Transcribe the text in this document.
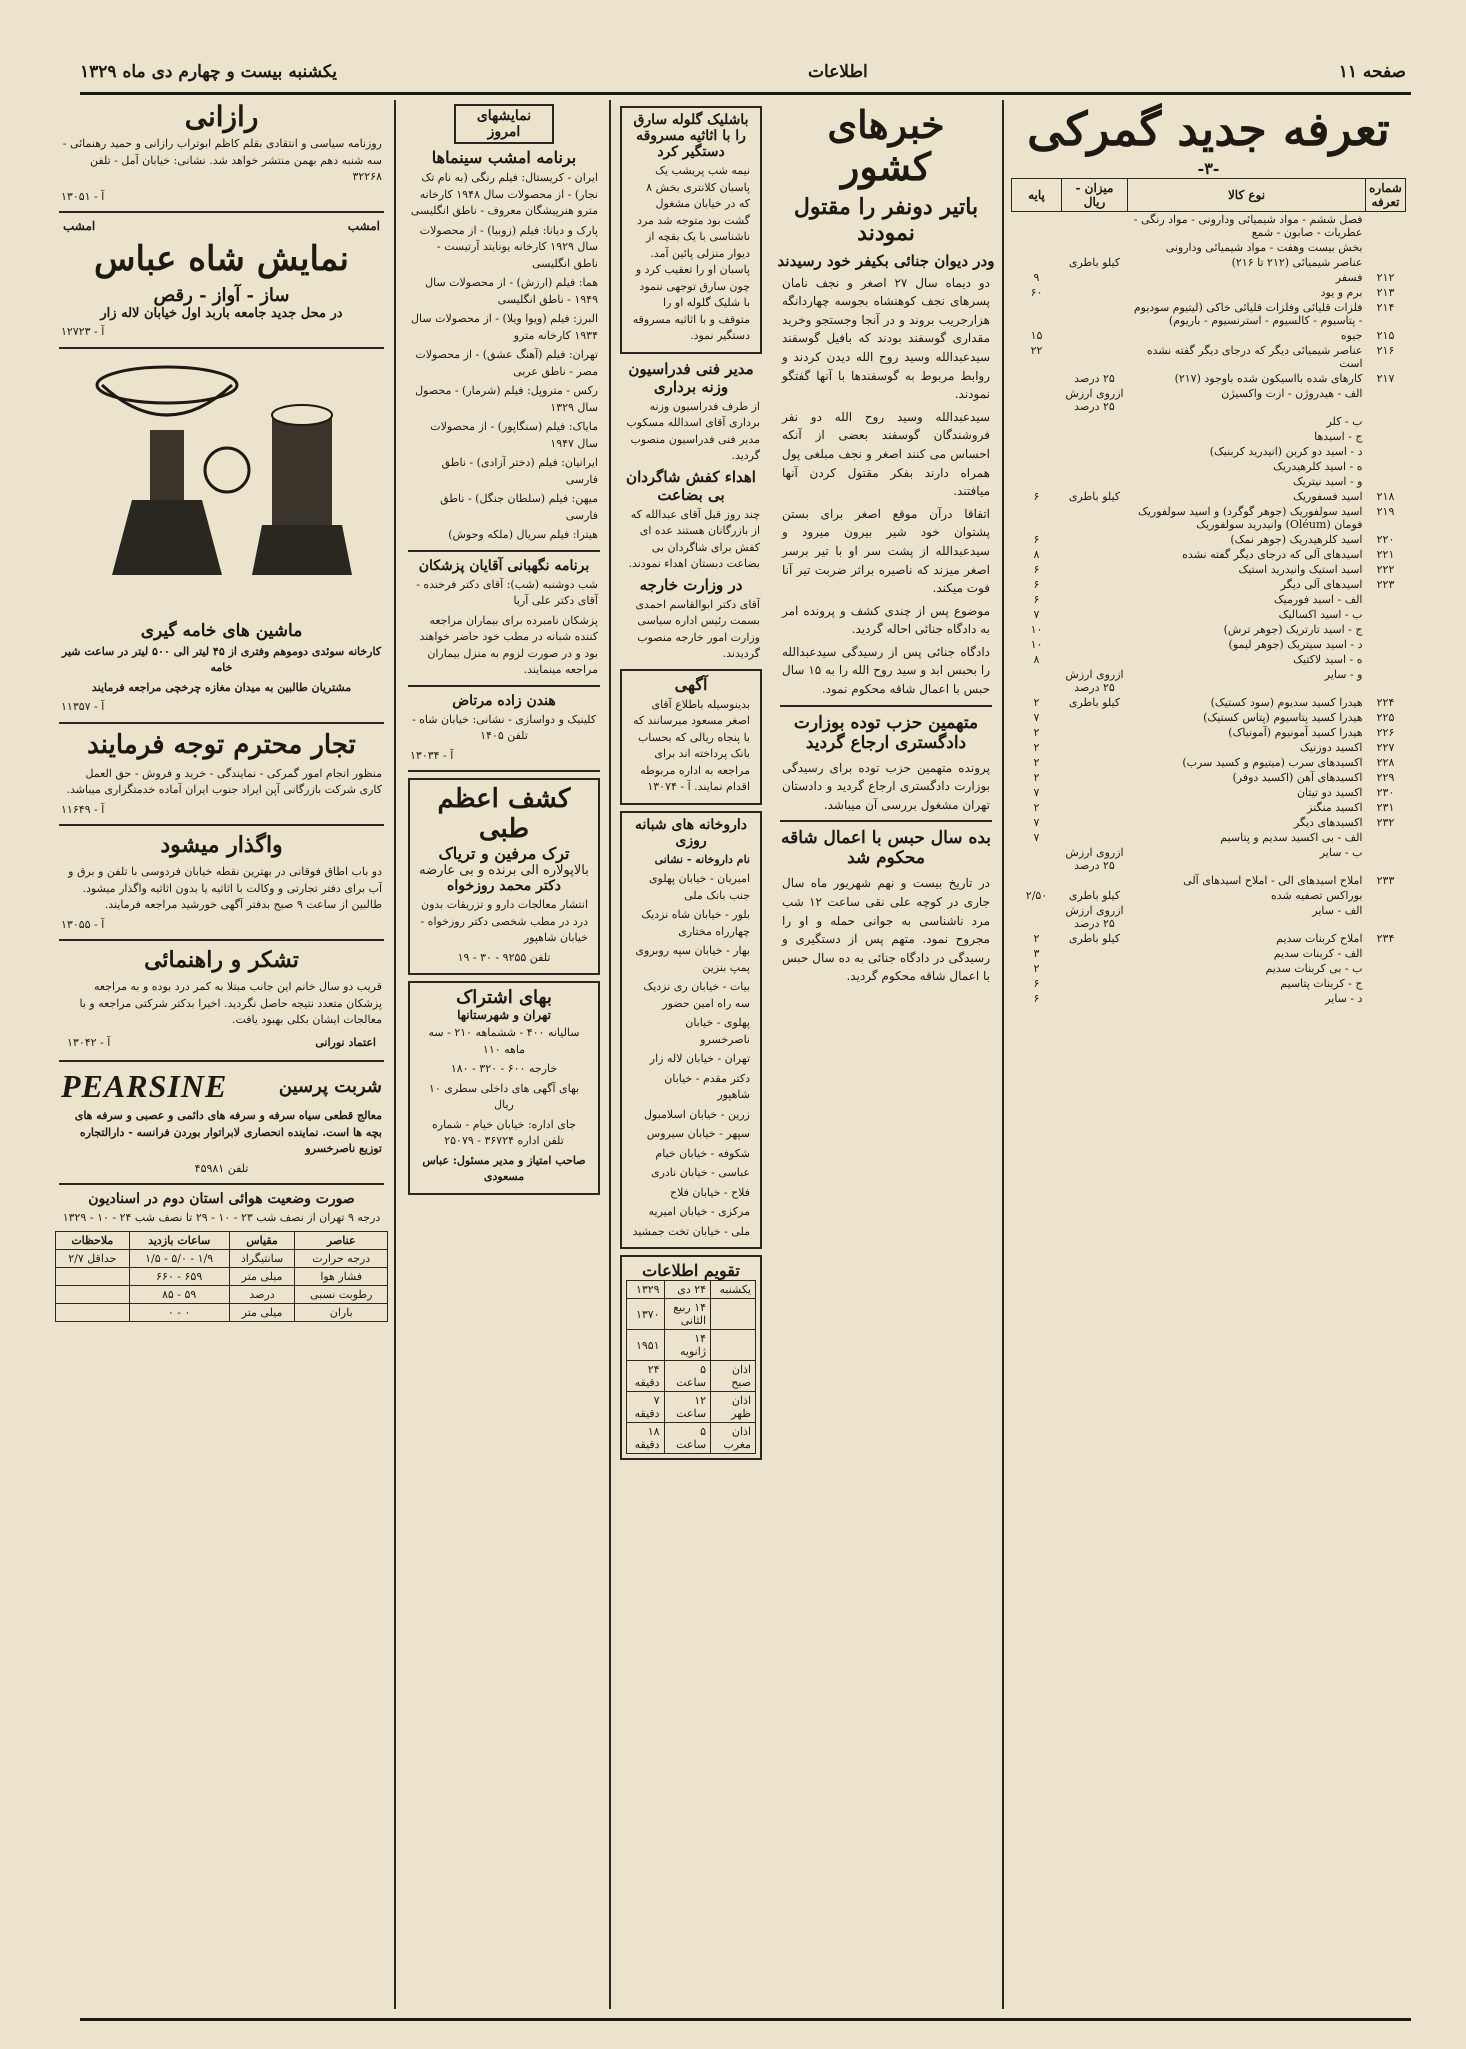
صفحه ۱۱
اطلاعات
یکشنبه بیست و چهارم دی ماه ۱۳۲۹
تعرفه جدید گمرکی
-۳-
شماره تعرفه	نوع کالا	میزان - ریال	پایه
	فصل ششم - مواد شیمیائی ودارونی - مواد رنگی - عطریات - صابون - شمع		
	بخش بیست وهفت - مواد شیمیائی ودارونی		
	عناصر شیمیائی (۲۱۲ تا ۲۱۶)	کیلو باطری	
۲۱۲	فسفر		۹
۲۱۳	برم و یود		۶۰
۲۱۴	فلزات قلیائی وفلزات قلیائی خاکی (لیتیوم سودیوم - پتاسیوم - کالسیوم - استرنسیوم - باریوم)		
۲۱۵	جیوه		۱۵
۲۱۶	عناصر شیمیائی دیگر که درجای دیگر گفته نشده است		۲۲
۲۱۷	کارهای شده بااسیکون شده باوجود (۲۱۷)	۲۵ درصد	
	الف - هیدروژن - ازت واکسیژن	ازروی ارزش ۲۵ درصد	
	ب - کلر		
	ج - اسیدها		
	د - اسید دو کربن (انیدرید کربنیک)		
	ه - اسید کلرهیدریک		
	و - اسید نیتریک		
۲۱۸	اسید فسفوریک	کیلو باطری	۶
۲۱۹	اسید سولفوریک (جوهر گوگرد) و اسید سولفوریک فومان (Oléum) وانیدرید سولفوریک		
۲۲۰	اسید کلرهیدریک (جوهر نمک)		۶
۲۲۱	اسیدهای آلی که درجای دیگر گفته نشده		۸
۲۲۲	اسید استیک وانیدرید استیک		۶
۲۲۳	اسیدهای آلی دیگر		۶
	الف - اسید فورمیک		۶
	ب - اسید اکسالیک		۷
	ج - اسید تارتریک (جوهر ترش)		۱۰
	د - اسید سیتریک (جوهر لیمو)		۱۰
	ه - اسید لاکتیک		۸
	و - سایر	ازروی ارزش ۲۵ درصد	
۲۲۴	هیدرا کسید سدیوم (سود کستیک)	کیلو باطری	۲
۲۲۵	هیدرا کسید پتاسیوم (پتاس کستیک)		۷
۲۲۶	هیدرا کسید آمونیوم (آمونیاک)		۲
۲۲۷	اکسید دوزنیک		۲
۲۲۸	اکسیدهای سرب (میتیوم و کسید سرب)		۲
۲۲۹	اکسیدهای آهن (اکسید دوفر)		۲
۲۳۰	اکسید دو تیتان		۷
۲۳۱	اکسید منگنز		۲
۲۳۲	اکسیدهای دیگر		۷
	الف - بی اکسید سدیم و پتاسیم		۷
	ب - سایر	ازروی ارزش ۲۵ درصد	
۲۳۳	املاح اسیدهای الی - املاح اسیدهای آلی		
	بوراکس تصفیه شده	کیلو باطری	۲/۵۰
	الف - سایر	ازروی ارزش ۲۵ درصد	
۲۳۴	املاح کربنات سدیم	کیلو باطری	۲
	الف - کربنات سدیم		۳
	ب - بی کربنات سدیم		۲
	ج - کربنات پتاسیم		۶
	د - سایر		۶
خبرهای کشور
باتیر دونفر را مقتول نمودند
ودر دیوان جنائی بکیفر خود رسیدند

دو دیماه سال ۲۷ اصغر و نجف نامان پسرهای نجف کوهنشاه بجوسه چهاردانگه هزارجریب بروند و در آنجا وجستجو وخرید مقداری گوسفند بودند که بافیل گوسفند سیدعبدالله وسید روح الله دیدن کردند و روابط مربوط به گوسفندها با آنها گفتگو نمودند.

سیدعبدالله وسید روح الله دو نفر فروشندگان گوسفند بعضی از آنکه احساس می کنند اصغر و نجف مبلغی پول همراه دارند بفکر مقتول کردن آنها میافتند.

اتفاقا درآن موقع اصغر برای بستن پشتوان خود شیر بیرون میرود و سیدعبدالله از پشت سر او با تیر برسر اصغر میزند که ناصیره براثر ضربت تیر آنا فوت میکند.

موضوع پس از چندی کشف و پرونده امر به دادگاه جنائی احاله گردید.

دادگاه جنائی پس از رسیدگی سیدعبدالله را بحبس ابد و سید روح الله را به ۱۵ سال حبس با اعمال شاقه محکوم نمود.

متهمین حزب توده بوزارت دادگستری ارجاع گردید

پرونده متهمین حزب توده برای رسیدگی بوزارت دادگستری ارجاع گردید و دادستان تهران مشغول بررسی آن میباشد.

بده سال حبس با اعمال شاقه محکوم شد

در تاریخ بیست و نهم شهریور ماه سال جاری در کوچه علی نقی ساعت ۱۲ شب مرد ناشناسی به جوانی حمله و او را مجروح نمود. متهم پس از دستگیری و رسیدگی در دادگاه جنائی به ده سال حبس با اعمال شاقه محکوم گردید.

باشلیک گلوله سارق را با اثاثیه مسروقه دستگیر کرد

نیمه شب پریشب یک پاسبان کلانتری بخش ۸ که در خیابان مشغول گشت بود متوجه شد مرد ناشناسی با یک بقچه از دیوار منزلی پائین آمد. پاسبان او را تعقیب کرد و چون سارق توجهی ننمود با شلیک گلوله او را متوقف و با اثاثیه مسروقه دستگیر نمود.

مدیر فنی فدراسیون وزنه برداری

از طرف فدراسیون وزنه برداری آقای اسدالله مسکوب مدیر فنی فدراسیون منصوب گردید.

اهداء کفش شاگردان بی بضاعت

چند روز قبل آقای عبدالله که از بازرگانان هستند عده ای کفش برای شاگردان بی بضاعت دبستان اهداء نمودند.

در وزارت خارجه

آقای دکتر ابوالقاسم احمدی بسمت رئیس اداره سیاسی وزارت امور خارجه منصوب گردیدند.

آگهی

بدینوسیله باطلاع آقای اصغر مسعود میرسانند که با پنجاه ریالی که بحساب بانک پرداخته اند برای مراجعه به اداره مربوطه اقدام نمایند. آ - ۱۳۰۷۴

داروخانه های شبانه روزی
نام داروخانه - نشانی
امیریان - خیابان پهلوی جنب بانک ملی
بلور - خیابان شاه نزدیک چهارراه مختاری
بهار - خیابان سپه روبروی پمپ بنزین
بیات - خیابان ری نزدیک سه راه امین حضور
پهلوی - خیابان ناصرخسرو
تهران - خیابان لاله زار
دکتر مقدم - خیابان شاهپور
زرین - خیابان اسلامبول
سپهر - خیابان سیروس
شکوفه - خیابان خیام
عباسی - خیابان نادری
فلاح - خیابان فلاح
مرکزی - خیابان امیریه
ملی - خیابان تخت جمشید
تقویم اطلاعات
یکشنبه	۲۴ دی	۱۳۲۹
	۱۴ ربیع الثانی	۱۳۷۰
	۱۴ ژانویه	۱۹۵۱
اذان صبح	۵ ساعت	۲۴ دقیقه
اذان ظهر	۱۲ ساعت	۷ دقیقه
اذان مغرب	۵ ساعت	۱۸ دقیقه
نمایشهای امروز
برنامه امشب سینماها

ایران - کریستال: فیلم رنگی (به نام تک نجار) - از محصولات سال ۱۹۴۸ کارخانه مترو هنرپیشگان معروف - ناطق انگلیسی

پارک و دیانا: فیلم (زوبیا) - از محصولات سال ۱۹۲۹ کارخانه یونایتد آرتیست - ناطق انگلیسی

هما: فیلم (ارزش) - از محصولات سال ۱۹۴۹ - ناطق انگلیسی

البرز: فیلم (ویوا ویلا) - از محصولات سال ۱۹۳۴ کارخانه مترو

تهران: فیلم (آهنگ عشق) - از محصولات مصر - ناطق عربی

رکس - متروپل: فیلم (شرمار) - محصول سال ۱۳۲۹

مایاک: فیلم (سنگاپور) - از محصولات سال ۱۹۴۷

ایرانیان: فیلم (دختر آزادی) - ناطق فارسی

میهن: فیلم (سلطان جنگل) - ناطق فارسی

هیترا: فیلم سریال (ملکه وحوش)

برنامه نگهبانی آقایان پزشکان

شب دوشنبه (شب): آقای دکتر فرخنده - آقای دکتر علی آریا

پزشکان نامبرده برای بیماران مراجعه کننده شبانه در مطب خود حاضر خواهند بود و در صورت لزوم به منزل بیماران مراجعه مینمایند.

هندن زاده مرتاض

کلینیک و دواسازی - نشانی: خیابان شاه - تلفن ۱۴۰۵

آ - ۱۳۰۳۴

کشف اعظم طبی
ترک مرفین و تریاک
بالاپولاره الی برنده و بی عارضه
دکتر محمد روزخواه

انتشار معالجات دارو و تزریقات بدون درد در مطب شخصی دکتر روزخواه - خیابان شاهپور

تلفن ۹۲۵۵ - ۳۰ - ۱۹
بهای اشتراک
تهران و شهرستانها
سالیانه ۴۰۰ - ششماهه ۲۱۰ - سه ماهه ۱۱۰
خارجه ۶۰۰ - ۳۲۰ - ۱۸۰
بهای آگهی های داخلی سطری ۱۰ ریال
جای اداره: خیابان خیام - شماره تلفن اداره ۳۶۷۲۴ - ۲۵۰۷۹
صاحب امتیاز و مدیر مسئول: عباس مسعودی
رازانی

روزنامه سیاسی و انتقادی بقلم کاظم ابوتراب رازانی و حمید رهنمائی - سه شنبه دهم بهمن منتشر خواهد شد. نشانی: خیابان آمل - تلفن ۳۲۲۶۸

آ - ۱۳۰۵۱
امشب
امشب
نمایش شاه عباس
ساز - آواز - رقص
در محل جدید جامعه باربد اول خیابان لاله زار
آ - ۱۲۷۲۳
ماشین های خامه گیری

کارخانه سوئدی دوموهم وفتری از ۴۵ لیتر الی ۵۰۰ لیتر در ساعت شیر خامه

مشتریان طالبین به میدان مغازه چرخچی مراجعه فرمایند

آ - ۱۱۳۵۷
تجار محترم توجه فرمایند

منظور انجام امور گمرکی - نمایندگی - خرید و فروش - حق العمل کاری شرکت بازرگانی آپن ایراد جنوب ایران آماده خدمتگزاری میباشد.

آ - ۱۱۶۴۹
واگذار میشود

دو باب اطاق فوقانی در بهترین نقطه خیابان فردوسی با تلفن و برق و آب برای دفتر تجارتی و وکالت با اثاثیه یا بدون اثاثیه واگذار میشود. طالبین از ساعت ۹ صبح بدفتر آگهی خورشید مراجعه فرمایند.

آ - ۱۳۰۵۵
تشکر و راهنمائی

قریب دو سال خانم این جانب مبتلا به کمر درد بوده و به مراجعه پزشکان متعدد نتیجه حاصل نگردید. اخیرا بدکتر شرکتی مراجعه و با معالجات ایشان بکلی بهبود یافت.

اعتماد نورانی
آ - ۱۳۰۴۲
شربت پرسین
PEARSINE

معالج قطعی سیاه سرفه و سرفه های دائمی و عصبی و سرفه های بچه ها است. نماینده انحصاری لابراتوار بوردن فرانسه - دارالتجاره توزیع ناصرخسرو

تلفن ۴۵۹۸۱
صورت وضعیت هوائی استان دوم در اسنادیون
درجه ۹ تهران از نصف شب ۲۳ - ۱۰ - ۲۹ تا نصف شب ۲۴ - ۱۰ - ۱۳۲۹
عناصر	مقیاس	ساعات بازدید	ملاحظات
درجه حرارت	سانتیگراد	۱/۹ - ۵/۰ - ۱/۵	حداقل ۲/۷
فشار هوا	میلی متر	۶۵۹ - ۶۶۰	
رطوبت نسبی	درصد	۵۹ - ۸۵	
باران	میلی متر	۰ - ۰	
